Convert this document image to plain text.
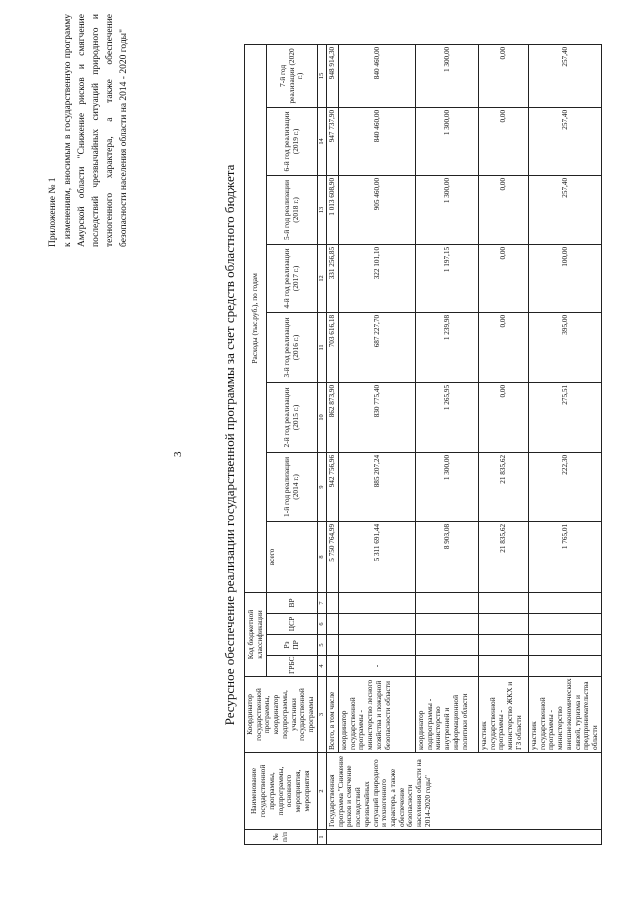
3
Приложение № 1 к изменениям, вносимым в государственную программу Амурской области "Снижение рисков и смягчение последствий чрезвычайных ситуаций природного и техногенного характера, а также обеспечение безопасности населения области на 2014 - 2020 годы"
Ресурсное обеспечение реализации государственной программы за счет средств областного бюджета
№ п/п	Наименование государственной программы, подпрограммы, основного мероприятия, мероприятия	Координатор государственной программы, координатор подпрограммы, участники государственной программы	Код бюджетной классификации				Расходы (тыс.руб.), по годам							
			ГРБС	Рз ПР	ЦСР	ВР	всего	1-й год реализации (2014 г.)	2-й год реализации (2015 г.)	3-й год реализации (2016 г.)	4-й год реализации (2017 г.)	5-й год реализации (2018 г.)	6-й год реализации (2019 г.)	7-й год реализации (2020 г.)

1	2	3	4	5	6	7	8	9	10	11	12	13	14	15
	Государственная программа "Снижение рисков и смягчение последствий чрезвычайных ситуаций природного и техногенного характера, а также обеспечение безопасности населения области на 2014-2020 годы"	Всего, в том числе					5 750 764,99	942 756,96	862 873,90	703 616,18	331 256,85	1 013 608,90	947 737,90	948 914,30
		координатор государственной программы - министерство лесного хозяйства и пожарной безопасности области	-				5 311 691,44	885 207,24	830 775,40	687 227,70	322 101,10	905 460,00	840 460,00	840 460,00
		координатор подпрограммы - министерство внутренней и информационной политики области					8 903,08	1 300,00	1 265,95	1 239,98	1 197,15	1 300,00	1 300,00	1 300,00
		участник государственной программы - министерство ЖКХ и ГЗ области					21 835,62	21 835,62	0,00	0,00	0,00	0,00	0,00	0,00
		участник государственной программы - министерство внешнеэкономических связей, туризма и предпринимательства области					1 765,01	222,30	275,51	395,00	100,00	257,40	257,40	257,40
